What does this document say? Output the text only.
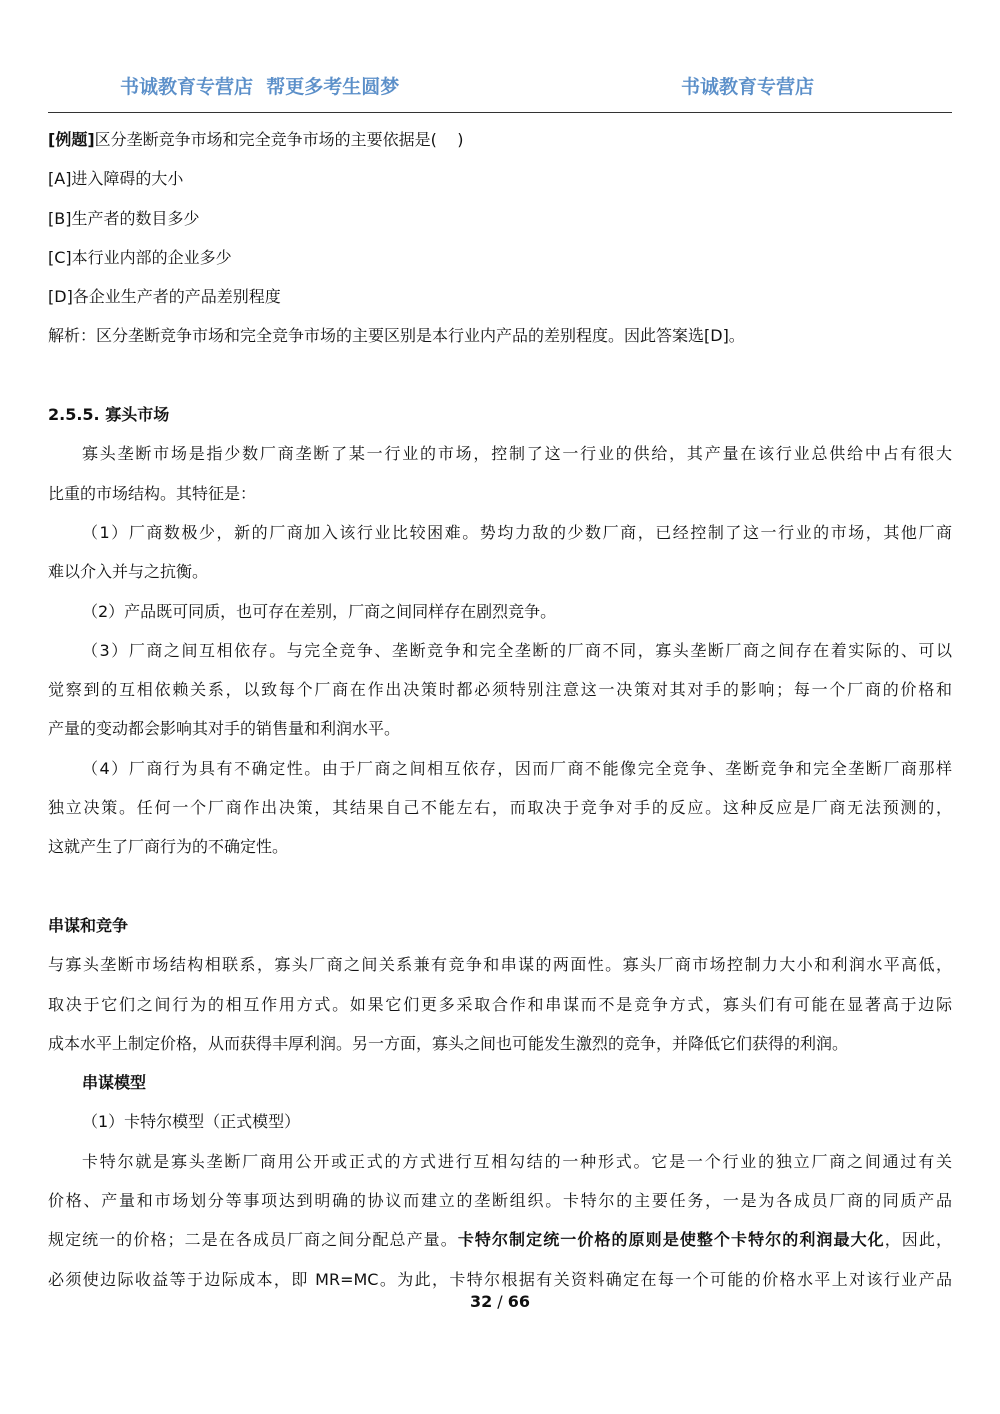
书诚教育专营店  帮更多考生圆梦	书诚教育专营店
[例题]区分垄断竞争市场和完全竞争市场的主要依据是(    )
[A]进入障碍的大小
[B]生产者的数目多少
[C]本行业内部的企业多少
[D]各企业生产者的产品差别程度
解析：区分垄断竞争市场和完全竞争市场的主要区别是本行业内产品的差别程度。因此答案选[D]。
2.5.5. 寡头市场
寡头垄断市场是指少数厂商垄断了某一行业的市场，控制了这一行业的供给，其产量在该行业总供给中占有很大
比重的市场结构。其特征是：
（1）厂商数极少，新的厂商加入该行业比较困难。势均力敌的少数厂商，已经控制了这一行业的市场，其他厂商
难以介入并与之抗衡。
（2）产品既可同质，也可存在差别，厂商之间同样存在剧烈竞争。
（3）厂商之间互相依存。与完全竞争、垄断竞争和完全垄断的厂商不同，寡头垄断厂商之间存在着实际的、可以
觉察到的互相依赖关系，以致每个厂商在作出决策时都必须特别注意这一决策对其对手的影响；每一个厂商的价格和
产量的变动都会影响其对手的销售量和利润水平。
（4）厂商行为具有不确定性。由于厂商之间相互依存，因而厂商不能像完全竞争、垄断竞争和完全垄断厂商那样
独立决策。任何一个厂商作出决策，其结果自己不能左右，而取决于竞争对手的反应。这种反应是厂商无法预测的，
这就产生了厂商行为的不确定性。
串谋和竞争
与寡头垄断市场结构相联系，寡头厂商之间关系兼有竞争和串谋的两面性。寡头厂商市场控制力大小和利润水平高低，
取决于它们之间行为的相互作用方式。如果它们更多采取合作和串谋而不是竞争方式，寡头们有可能在显著高于边际
成本水平上制定价格，从而获得丰厚利润。另一方面，寡头之间也可能发生激烈的竞争，并降低它们获得的利润。
串谋模型
（1）卡特尔模型（正式模型）
卡特尔就是寡头垄断厂商用公开或正式的方式进行互相勾结的一种形式。它是一个行业的独立厂商之间通过有关
价格、产量和市场划分等事项达到明确的协议而建立的垄断组织。卡特尔的主要任务，一是为各成员厂商的同质产品
规定统一的价格；二是在各成员厂商之间分配总产量。卡特尔制定统一价格的原则是使整个卡特尔的利润最大化，因此，
必须使边际收益等于边际成本，即 MR=MC。为此，卡特尔根据有关资料确定在每一个可能的价格水平上对该行业产品
32 / 66
